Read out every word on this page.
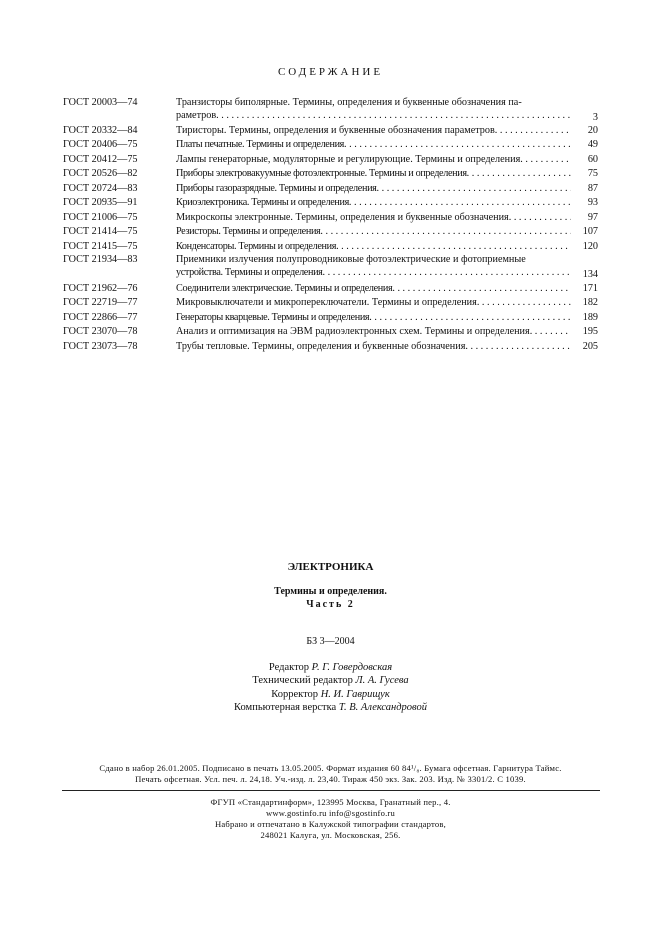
СОДЕРЖАНИЕ
ГОСТ 20003—74	Транзисторы биполярные. Термины, определения и буквенные обозначения па-
раметров . . .	3
ГОСТ 20332—84	Тиристоры. Термины, определения и буквенные обозначения параметров . . .	20
ГОСТ 20406—75	Платы печатные. Термины и определения . . .	49
ГОСТ 20412—75	Лампы генераторные, модуляторные и регулирующие. Термины и определения . . .	60
ГОСТ 20526—82	Приборы электровакуумные фотоэлектронные. Термины и определения . . .	75
ГОСТ 20724—83	Приборы газоразрядные. Термины и определения . . .	87
ГОСТ 20935—91	Криоэлектроника. Термины и определения . . .	93
ГОСТ 21006—75	Микроскопы электронные. Термины, определения и буквенные обозначения . . .	97
ГОСТ 21414—75	Резисторы. Термины и определения . . .	107
ГОСТ 21415—75	Конденсаторы. Термины и определения . . .	120
ГОСТ 21934—83	Приемники излучения полупроводниковые фотоэлектрические и фотоприемные
устройства. Термины и определения . . .	134
ГОСТ 21962—76	Соединители электрические. Термины и определения . . .	171
ГОСТ 22719—77	Микровыключатели и микропереключатели. Термины и определения . . .	182
ГОСТ 22866—77	Генераторы кварцевые. Термины и определения . . .	189
ГОСТ 23070—78	Анализ и оптимизация на ЭВМ радиоэлектронных схем. Термины и определения . . .	195
ГОСТ 23073—78	Трубы тепловые. Термины, определения и буквенные обозначения . . .	205
ЭЛЕКТРОНИКА
Термины и определения.
Часть 2
БЗ 3—2004
Редактор Р. Г. Говердовская
Технический редактор Л. А. Гусева
Корректор Н. И. Гаврищук
Компьютерная верстка Т. В. Александровой
Сдано в набор 26.01.2005. Подписано в печать 13.05.2005. Формат издания 60 84¹/₈. Бумага офсетная. Гарнитура Таймс.
Печать офсетная. Усл. печ. л. 24,18. Уч.-изд. л. 23,40. Тираж 450 экз. Зак. 203. Изд. № 3301/2. С 1039.
ФГУП «Стандартинформ», 123995 Москва, Гранатный пер., 4.
www.gostinfo.ru info@sgostinfo.ru
Набрано и отпечатано в Калужской типографии стандартов,
248021 Калуга, ул. Московская, 256.
